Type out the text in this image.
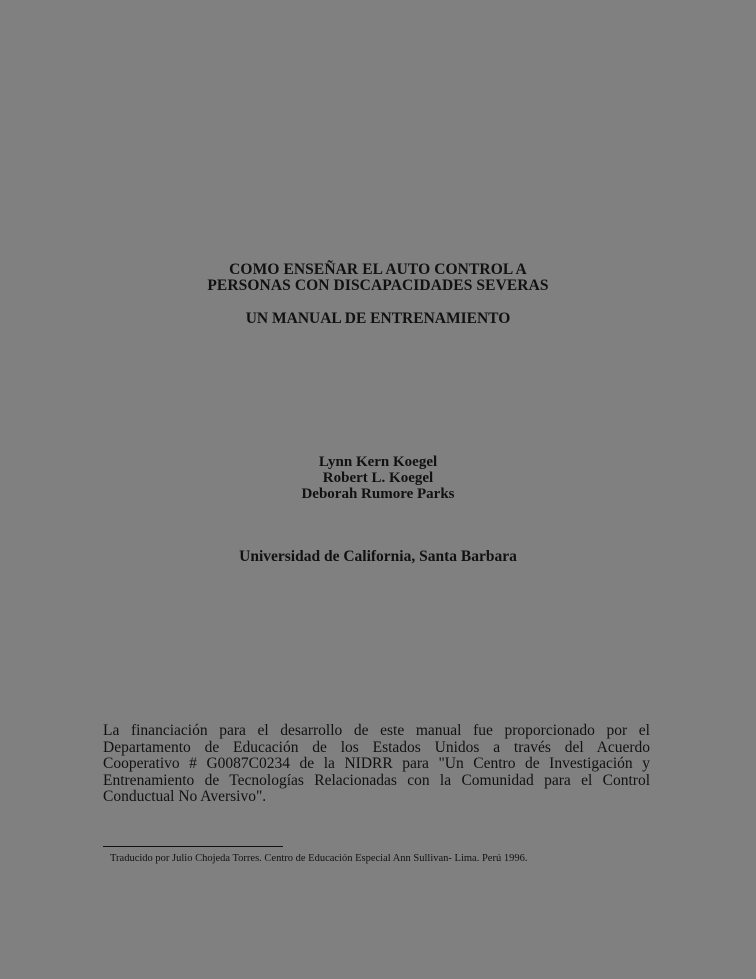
COMO ENSEÑAR EL AUTO CONTROL A
PERSONAS CON DISCAPACIDADES SEVERAS
UN MANUAL DE ENTRENAMIENTO
Lynn Kern Koegel
Robert L. Koegel
Deborah Rumore Parks
Universidad de California, Santa Barbara
La financiación para el desarrollo de este manual fue proporcionado por el
Departamento de Educación de los Estados Unidos a través del Acuerdo
Cooperativo # G0087C0234 de la NIDRR para "Un Centro de Investigación y
Entrenamiento de Tecnologías Relacionadas con la Comunidad para el Control
Conductual No Aversivo".
Traducido por Julio Chojeda Torres. Centro de Educación Especial Ann Sullivan- Lima. Perú 1996.
